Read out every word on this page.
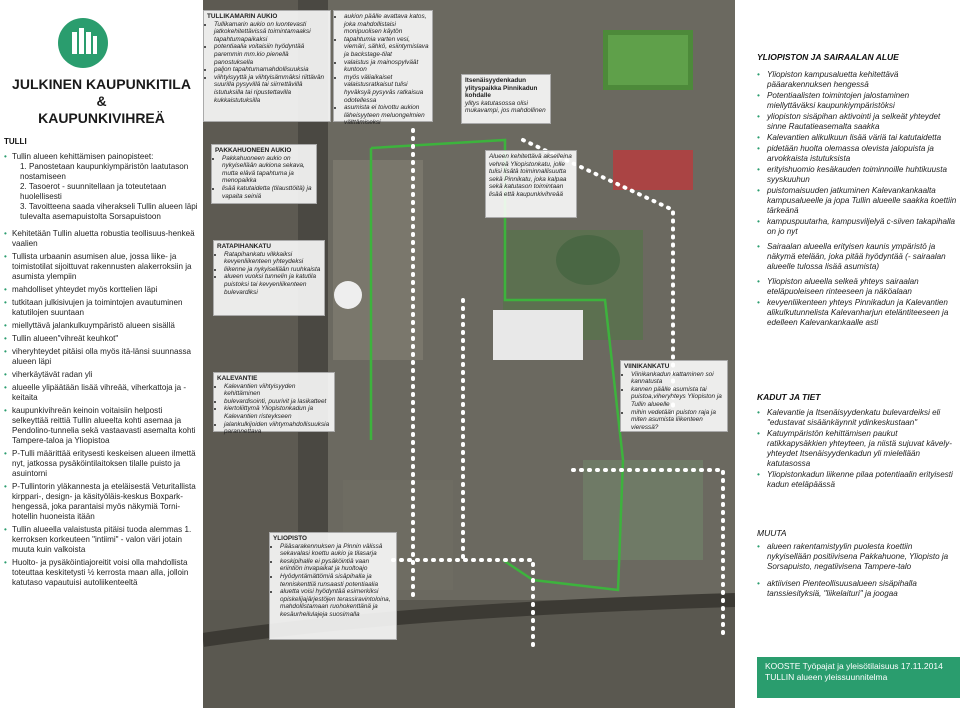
JULKINEN KAUPUNKITILA
&
KAUPUNKIVIHREÄ
TULLI
• Tullin alueen kehittämisen painopisteet:
1. Panostetaan kaupunkiympäristön laatutason nostamiseen
2. Tasoerot - suunnitellaan ja toteutetaan huolellisesti
3. Tavoitteena saada viherakseli Tullin alueen läpi tulevalta asemapuistolta Sorsapuistoon
• Kehitetään Tullin aluetta robustia teollisuus-henkeä vaalien
• Tullista urbaanin asumisen alue, jossa liike- ja toimistotilat sijoittuvat rakennusten alakerroksiin ja asumista ylempiin
• mahdolliset yhteydet myös korttelien läpi
• tutkitaan julkisivujen ja toimintojen avautuminen katutilojen suuntaan
• miellyttävä jalankulkuympäristö alueen sisällä
• Tullin alueen"vihreät keuhkot"
• viheryhteydet pitäisi olla myös itä-länsi suunnassa alueen läpi
• viherkäytävät radan yli
• alueelle ylipäätään lisää vihreää, viherkattoja ja -keitaita
• kaupunkivihreän keinoin voitaisiin helposti selkeyttää reittiä Tullin alueelta kohti asemaa ja Pendolino-tunnelia sekä vastaavasti asemalta kohti Tampere-taloa ja Yliopistoa
• P-Tulli määrittää eritysesti keskeisen alueen ilmettä nyt, jatkossa pysäköintilaitoksen tilalle puisto ja asuintorni
• P-Tullintorin yläkannesta ja eteläisestä Veturitallista kirppari-, design- ja käsityöläis-keskus Boxpark-hengessä, joka parantaisi myös näkymiä Torni-hotellin huoneista itään
• Tullin alueella valaistusta pitäisi tuoda alemmas 1. kerroksen korkeuteen "intiimi" - valon väri jotain muuta kuin valkoista
• Huolto- ja pysäköintiajoreitit voisi olla mahdollista toteuttaa keskitetysti ½ kerrosta maan alla, jolloin katutaso vapautuisi autoliikenteeltä
TULLIKAMARIN AUKIO
• Tullikamarin aukio on luontevasti jatkokehitettävissä toimintamaaksi tapahtumapaikaksi
• potentiaalia voitaisiin hyödyntää paremmin mm.kio pienellä panostuksella
• paljon tapahtumamahdollisuuksia
• viihtyisyyttä ja viihtyisämmäksi riittävän suurilla pysyvillä tai siirrettävillä istutuksilla tai ripustettavilla kukkaistutuksilla
• aukion päälle avattava katos, joka mahdollistaisi monipuolisen käytön
• tapahtumia varten vesi, viemäri, sähkö, esiintymislava ja backstage-tilat
• valaistus ja mainospylväät kuntoon
• myös väliaikaiset valaistusratkaisut tulisi hyväksyä pysyväs ratkaisua odotellessa
• asumista ei toivottu aukion läheisyyteen meluongelmien välttämiseksi
Itsenäisyydenkadun ylityspaikka Pinnikadun kohdalle
ylitys katutasossa olisi mukavampi, jos mahdollinen
PAKKAHUONEEN AUKIO
• Pakkahuoneen aukio on nykyisellään aukiona sekava, mutta elävä tapahtuma ja menopaikka
• lisää katutaidetta (tilausttöitä) ja vapaita seiniä
Alueen kehitettävä akselleina vehreä Yliopistonkatu, jolle tulisi lisätä toiminnallisuutta sekä Pinnikatu, joka kalpaa sekä katutason toimintaan lisää että kaupunkivihreää
RATAPIHANKATU
• Ratapihankatu vilkkaiksi kevyenliikenteen yhteydeksi
• liikenne ja nykyisellään ruuhkaista
• alueen vuoksi tunnelin ja katutila puistoksi tai kevyenliikenteen bulevardiksi
KALEVANTIE
• Kalevantien viihtyisyyden kehittäminen
• bulevardisointi, puurivit ja lasikatteet
• kiertoliittymä Yliopistonkadun ja Kalevantien risteykseen
• jalankulkijoiden viihtymahdollisuuksia parannettava
VIINIKANKATU
• Viinikankadun kattaminen soi kannatusta
• kannen päälle asumista tai puistoa,viheryhteys Yliopiston ja Tullin alueelle
• mihin vedetään puiston raja ja miten asumista liikenteen vieressä?
YLIOPISTO
• Pääsarakennuksen ja Pinnin välissä sekavalasi koettu aukio ja tilasarja
• keskipihalle ei pysäköintiä vaan eriintiön invapaikat ja huoltoajo
• Hyödyntämättömiä sisäpihalla ja tenniskenttiä runsaasti potentiaalia
• aluetta voisi hyödyntää esimerkiksi opiskelijajärjestöjen terassiravintoloina, mahdollistamaan ruohokenttänä ja kesäurheilulajeja suosimalla
YLIOPISTON JA SAIRAALAN ALUE
• Yliopiston kampusaluetta kehitettävä pääarakennuksen hengessä
• Potentiaalisten toimintojen jalostaminen miellyttäväksi kaupunkiympäristöksi
• yliopiston sisäpihan aktivointi ja selkeät yhteydet sinne Rautatieasemalta saakka
• Kalevantien alikulkuun lisää väriä tai katutaidetta
• pidetään huolta olemassa olevista jalopuista ja arvokkaista istutuksista
• erityishuomio kesäkauden toiminnoille huhtikuusta syyskuuhun
• puistomaisuuden jatkuminen Kalevankankaalta kampusalueelle ja jopa Tullin alueelle saakka koettiin tärkeänä
• kampuspuutarha, kampusviljelyä c-siiven takapihalla on jo nyt
• Sairaalan alueella erityisen kaunis ympäristö ja näkymä etelään, joka pitää hyödyntää (- sairaalan alueelle tulossa lisää asumista)
• Yliopiston alueella selkeä yhteys sairaalan eteläpuoleiseen rinteeseen ja näköalaan
• kevyenliikenteen yhteys Pinnikadun ja Kalevantien alikulkutunnelista Kalevanharjun eteläntiteeseen ja edelleen Kalevankankaalle asti
KADUT JA TIET
• Kalevantie ja Itsenäisyydenkatu bulevardeiksi eli "edustavat sisäänkäynnit ydinkeskustaan"
• Katuympäristön kehittämisen paukut ratikkapysäkkien yhteyteen, ja niistä sujuvat kävely-yhteydet Itsenäisyydenkadun yli mielellään katutasossa
• Yliopistonkadun liikenne pilaa potentiaalin erityisesti kadun eteläpäässä
MUUTA
• alueen rakentamistyylin puolesta koettiin nykyisellään positiivisena Pakkahuone, Yliopisto ja Sorsapuisto, negatiivisena Tampere-talo
• aktiivisen Pienteollisuusalueen sisäpihalla tanssiesityksiä, "liikelaituri" ja joogaa
KOOSTE Työpajat ja yleisötilaisuus 17.11.2014
TULLIN alueen yleissuunnitelma
